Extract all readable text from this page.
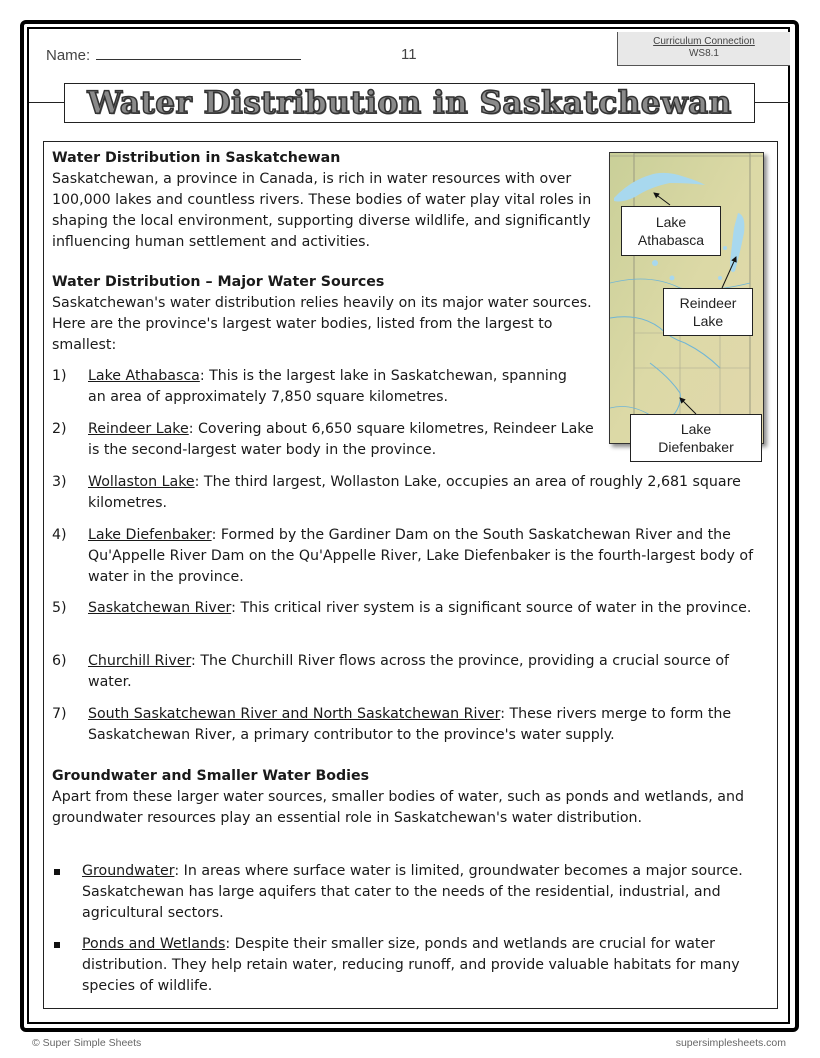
Name:	11
Curriculum Connection
WS8.1
Water Distribution in Saskatchewan
Water Distribution in Saskatchewan
Saskatchewan, a province in Canada, is rich in water resources with over 100,000 lakes and countless rivers. These bodies of water play vital roles in shaping the local environment, supporting diverse wildlife, and significantly influencing human settlement and activities.
Water Distribution – Major Water Sources
Saskatchewan's water distribution relies heavily on its major water sources. Here are the province's largest water bodies, listed from the largest to smallest:
1)	Lake Athabasca: This is the largest lake in Saskatchewan, spanning an area of approximately 7,850 square kilometres.
2)	Reindeer Lake: Covering about 6,650 square kilometres, Reindeer Lake is the second-largest water body in the province.
3)	Wollaston Lake: The third largest, Wollaston Lake, occupies an area of roughly 2,681 square kilometres.
4)	Lake Diefenbaker: Formed by the Gardiner Dam on the South Saskatchewan River and the Qu'Appelle River Dam on the Qu'Appelle River, Lake Diefenbaker is the fourth-largest body of water in the province.
5)	Saskatchewan River: This critical river system is a significant source of water in the province.
6)	Churchill River: The Churchill River flows across the province, providing a crucial source of water.
7)	South Saskatchewan River and North Saskatchewan River: These rivers merge to form the Saskatchewan River, a primary contributor to the province's water supply.
Groundwater and Smaller Water Bodies
Apart from these larger water sources, smaller bodies of water, such as ponds and wetlands, and groundwater resources play an essential role in Saskatchewan's water distribution.
Groundwater: In areas where surface water is limited, groundwater becomes a major source. Saskatchewan has large aquifers that cater to the needs of the residential, industrial, and agricultural sectors.
Ponds and Wetlands: Despite their smaller size, ponds and wetlands are crucial for water distribution. They help retain water, reducing runoff, and provide valuable habitats for many species of wildlife.
Lake
Athabasca
Reindeer
Lake
Lake
Diefenbaker
© Super Simple Sheets	supersimplesheets.com
